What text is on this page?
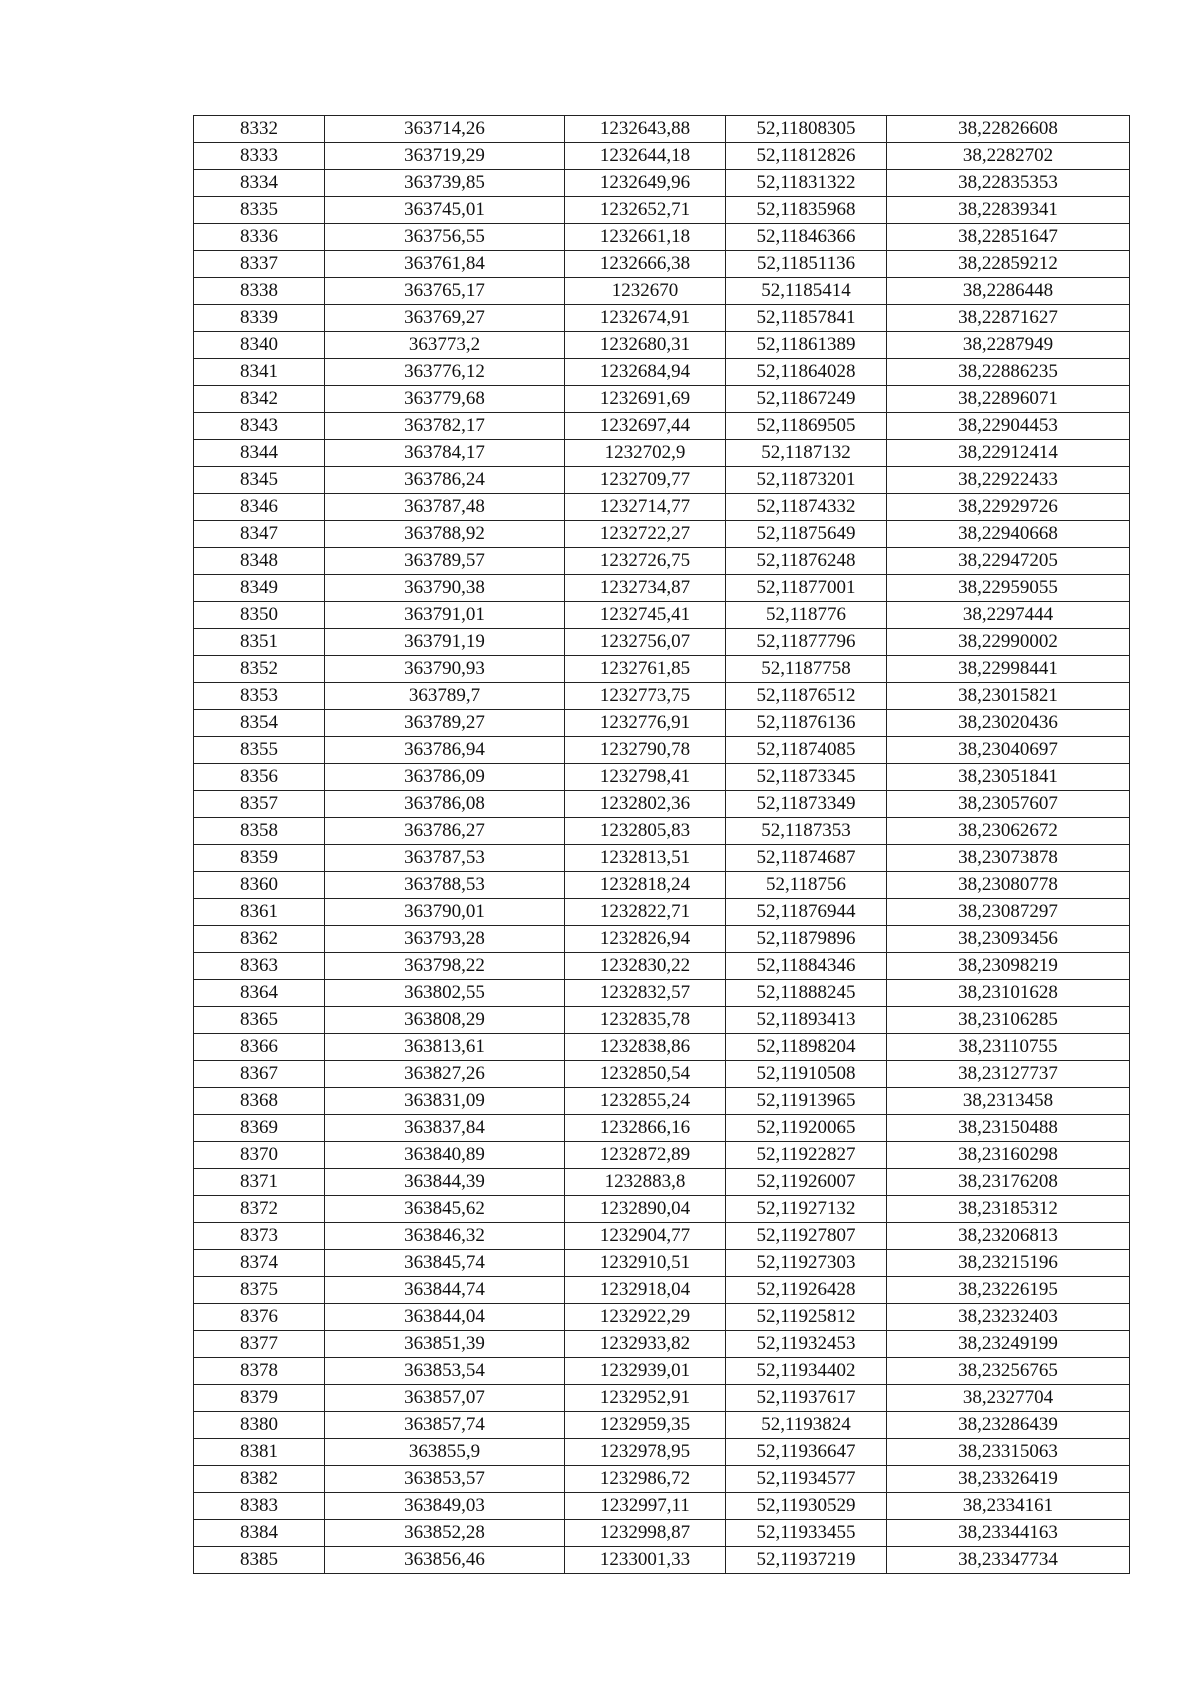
8332	363714,26	1232643,88	52,11808305	38,22826608
8333	363719,29	1232644,18	52,11812826	38,2282702
8334	363739,85	1232649,96	52,11831322	38,22835353
8335	363745,01	1232652,71	52,11835968	38,22839341
8336	363756,55	1232661,18	52,11846366	38,22851647
8337	363761,84	1232666,38	52,11851136	38,22859212
8338	363765,17	1232670	52,1185414	38,2286448
8339	363769,27	1232674,91	52,11857841	38,22871627
8340	363773,2	1232680,31	52,11861389	38,2287949
8341	363776,12	1232684,94	52,11864028	38,22886235
8342	363779,68	1232691,69	52,11867249	38,22896071
8343	363782,17	1232697,44	52,11869505	38,22904453
8344	363784,17	1232702,9	52,1187132	38,22912414
8345	363786,24	1232709,77	52,11873201	38,22922433
8346	363787,48	1232714,77	52,11874332	38,22929726
8347	363788,92	1232722,27	52,11875649	38,22940668
8348	363789,57	1232726,75	52,11876248	38,22947205
8349	363790,38	1232734,87	52,11877001	38,22959055
8350	363791,01	1232745,41	52,118776	38,2297444
8351	363791,19	1232756,07	52,11877796	38,22990002
8352	363790,93	1232761,85	52,1187758	38,22998441
8353	363789,7	1232773,75	52,11876512	38,23015821
8354	363789,27	1232776,91	52,11876136	38,23020436
8355	363786,94	1232790,78	52,11874085	38,23040697
8356	363786,09	1232798,41	52,11873345	38,23051841
8357	363786,08	1232802,36	52,11873349	38,23057607
8358	363786,27	1232805,83	52,1187353	38,23062672
8359	363787,53	1232813,51	52,11874687	38,23073878
8360	363788,53	1232818,24	52,118756	38,23080778
8361	363790,01	1232822,71	52,11876944	38,23087297
8362	363793,28	1232826,94	52,11879896	38,23093456
8363	363798,22	1232830,22	52,11884346	38,23098219
8364	363802,55	1232832,57	52,11888245	38,23101628
8365	363808,29	1232835,78	52,11893413	38,23106285
8366	363813,61	1232838,86	52,11898204	38,23110755
8367	363827,26	1232850,54	52,11910508	38,23127737
8368	363831,09	1232855,24	52,11913965	38,2313458
8369	363837,84	1232866,16	52,11920065	38,23150488
8370	363840,89	1232872,89	52,11922827	38,23160298
8371	363844,39	1232883,8	52,11926007	38,23176208
8372	363845,62	1232890,04	52,11927132	38,23185312
8373	363846,32	1232904,77	52,11927807	38,23206813
8374	363845,74	1232910,51	52,11927303	38,23215196
8375	363844,74	1232918,04	52,11926428	38,23226195
8376	363844,04	1232922,29	52,11925812	38,23232403
8377	363851,39	1232933,82	52,11932453	38,23249199
8378	363853,54	1232939,01	52,11934402	38,23256765
8379	363857,07	1232952,91	52,11937617	38,2327704
8380	363857,74	1232959,35	52,1193824	38,23286439
8381	363855,9	1232978,95	52,11936647	38,23315063
8382	363853,57	1232986,72	52,11934577	38,23326419
8383	363849,03	1232997,11	52,11930529	38,2334161
8384	363852,28	1232998,87	52,11933455	38,23344163
8385	363856,46	1233001,33	52,11937219	38,23347734
